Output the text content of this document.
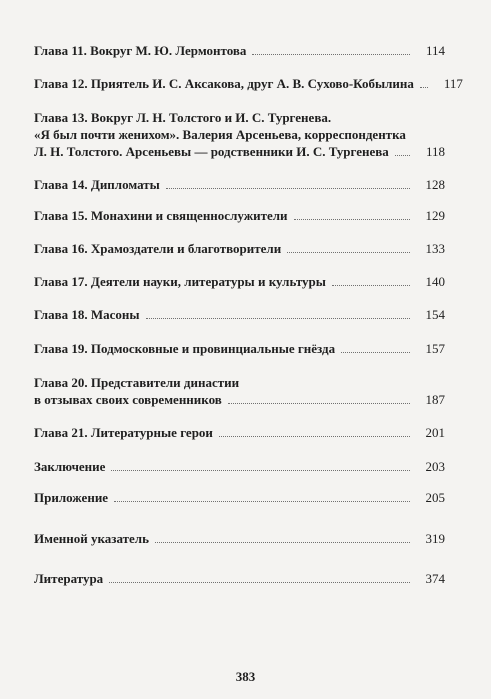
Глава 11. Вокруг М. Ю. Лермонтова	114
Глава 12. Приятель И. С. Аксакова, друг А. В. Сухово-Кобылина	117
Глава 13. Вокруг Л. Н. Толстого и И. С. Тургенева.
«Я был почти женихом». Валерия Арсеньева, корреспондентка
Л. Н. Толстого. Арсеньевы — родственники И. С. Тургенева	118
Глава 14. Дипломаты	128
Глава 15. Монахини и священнослужители	129
Глава 16. Храмоздатели и благотворители	133
Глава 17. Деятели науки, литературы и культуры	140
Глава 18. Масоны	154
Глава 19. Подмосковные и провинциальные гнёзда	157
Глава 20. Представители династии
в отзывах своих современников	187
Глава 21. Литературные герои	201
Заключение	203
Приложение	205
Именной указатель	319
Литература	374
383
